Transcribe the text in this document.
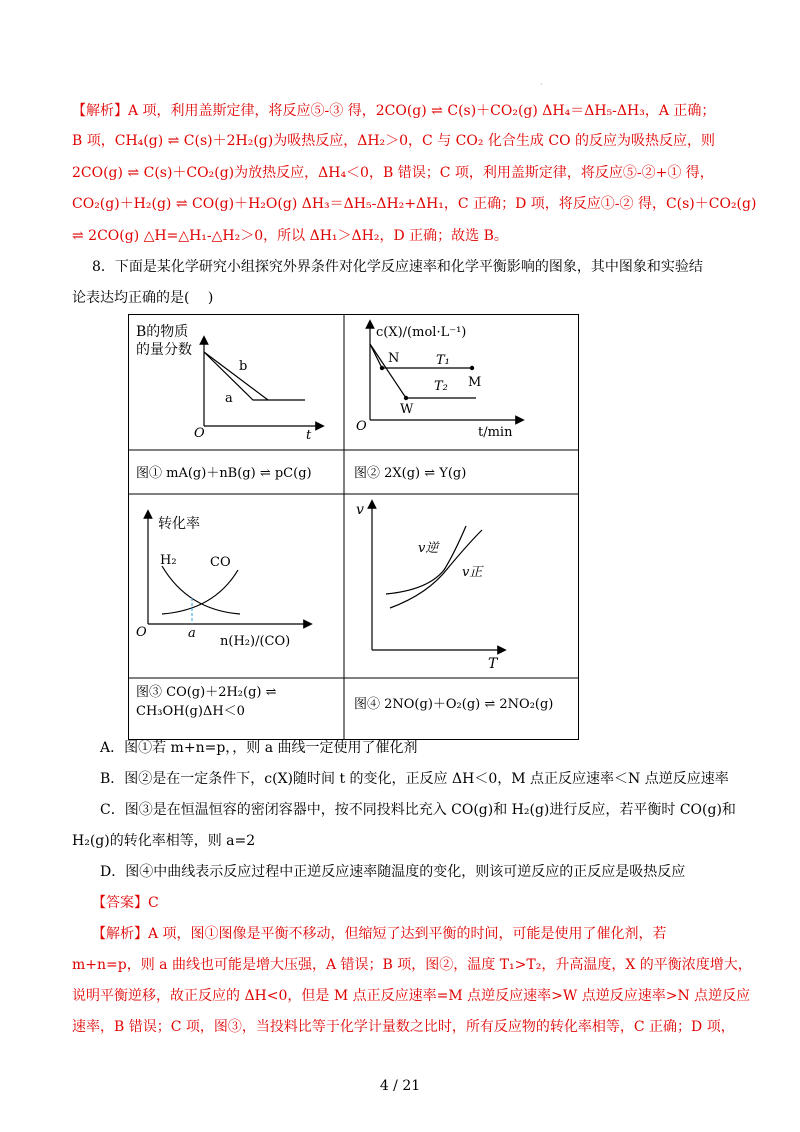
·
【解析】A 项，利用盖斯定律，将反应⑤-③ 得，2CO(g) ⇌ C(s)＋CO₂(g) ΔH₄＝ΔH₅-ΔH₃，A 正确；
B 项，CH₄(g) ⇌ C(s)＋2H₂(g)为吸热反应，ΔH₂＞0，C 与 CO₂ 化合生成 CO 的反应为吸热反应，则
2CO(g) ⇌ C(s)＋CO₂(g)为放热反应，ΔH₄＜0，B 错误；C 项，利用盖斯定律，将反应⑤-②+① 得，
CO₂(g)＋H₂(g) ⇌ CO(g)＋H₂O(g) ΔH₃＝ΔH₅-ΔH₂+ΔH₁，C 正确；D 项，将反应①-② 得，C(s)＋CO₂(g)
⇌ 2CO(g) △H=△H₁-△H₂＞0，所以 ΔH₁＞ΔH₂，D 正确；故选 B。
8．下面是某化学研究小组探究外界条件对化学反应速率和化学平衡影响的图象，其中图象和实验结
论表达均正确的是(　 )
B的物质
的量分数
b
a
O	t
图① mA(g)＋nB(g) ⇌ pC(g)
c(X)/(mol·L⁻¹)
N	T₁
M
T₂
W
O	t/min
图② 2X(g) ⇌ Y(g)
转化率
H₂	CO
O	a
n(H₂)/(CO)
图③ CO(g)＋2H₂(g) ⇌
CH₃OH(g)ΔH＜0
v
v逆
v正
T
图④ 2NO(g)＋O₂(g) ⇌ 2NO₂(g)
A．图①若 m+n=p，，则 a 曲线一定使用了催化剂
B．图②是在一定条件下，c(X)随时间 t 的变化，正反应 ΔH＜0，M 点正反应速率＜N 点逆反应速率
C．图③是在恒温恒容的密闭容器中，按不同投料比充入 CO(g)和 H₂(g)进行反应，若平衡时 CO(g)和
H₂(g)的转化率相等，则 a=2
D．图④中曲线表示反应过程中正逆反应速率随温度的变化，则该可逆反应的正反应是吸热反应
【答案】C
【解析】A 项，图①图像是平衡不移动，但缩短了达到平衡的时间，可能是使用了催化剂，若
m+n=p，则 a 曲线也可能是增大压强，A 错误；B 项，图②，温度 T₁>T₂，升高温度，X 的平衡浓度增大，
说明平衡逆移，故正反应的 ΔH<0，但是 M 点正反应速率=M 点逆反应速率>W 点逆反应速率>N 点逆反应
速率，B 错误；C 项，图③，当投料比等于化学计量数之比时，所有反应物的转化率相等，C 正确；D 项，
4 / 21
